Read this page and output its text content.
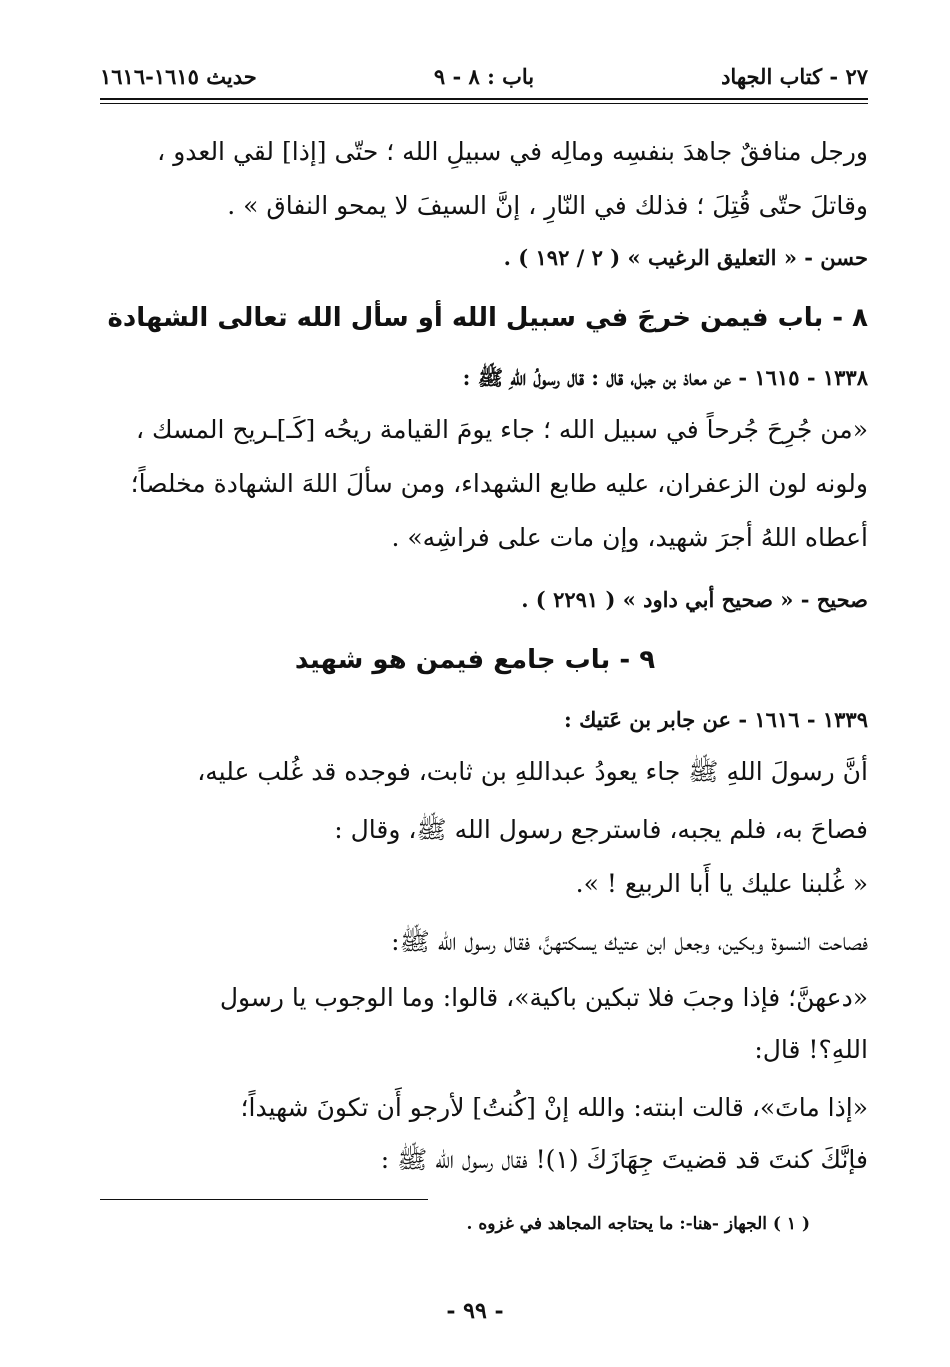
٢٧ - كتاب الجهاد
باب : ٨ - ٩
حديث ١٦١٥-١٦١٦
ورجل منافقٌ جاهدَ بنفسِه ومالِه في سبيلِ الله ؛ حتّى [إذا] لقي العدو ،
وقاتلَ حتّى قُتِلَ ؛ فذلك في النّارِ ، إنَّ السيفَ لا يمحو النفاق » .
حسن - « التعليق الرغيب » ( ٢ / ١٩٢ ) .
٨ - باب فيمن خرجَ في سبيل الله أو سأل الله تعالى الشهادة
١٣٣٨ - ١٦١٥ - عن معاذ بن جبل، قال : قال رسولُ اللهِ ﷺ :
«من جُرِحَ جُرحاً في سبيل الله ؛ جاء يومَ القيامة ريحُه [كَـ]ـريح المسك ،
ولونه لون الزعفران، عليه طابع الشهداء، ومن سألَ اللهَ الشهادة مخلصاً؛
أعطاه اللهُ أجرَ شهيد، وإن مات على فراشِه» .
صحيح - « صحيح أبي داود » ( ٢٢٩١ ) .
٩ - باب جامع فيمن هو شهيد
١٣٣٩ - ١٦١٦ - عن جابر بن عَتيك :
أنَّ رسولَ اللهِ ﷺ جاء يعودُ عبداللهِ بن ثابت، فوجده قد غُلب عليه،
فصاحَ به، فلم يجبه، فاسترجع رسول الله ﷺ، وقال :
« غُلبنا عليك يا أَبا الربيع ! ».
فصاحت النسوة وبكين، وجعل ابن عتيك يسكتهنَّ، فقال رسول الله ﷺ:
«دعهنَّ؛ فإذا وجبَ فلا تبكين باكية»، قالوا: وما الوجوب يا رسول
اللهِ؟! قال:
«إذا ماتَ»، قالت ابنته: والله إنْ [كُنتُ] لأرجو أَن تكونَ شهيداً؛
فإنَّكَ كنتَ قد قضيتَ جِهَازَكَ (١)! فقال رسول الله ﷺ :
( ١ ) الجهاز -هنا-: ما يحتاجه المجاهد في غزوه .
- ٩٩ -
